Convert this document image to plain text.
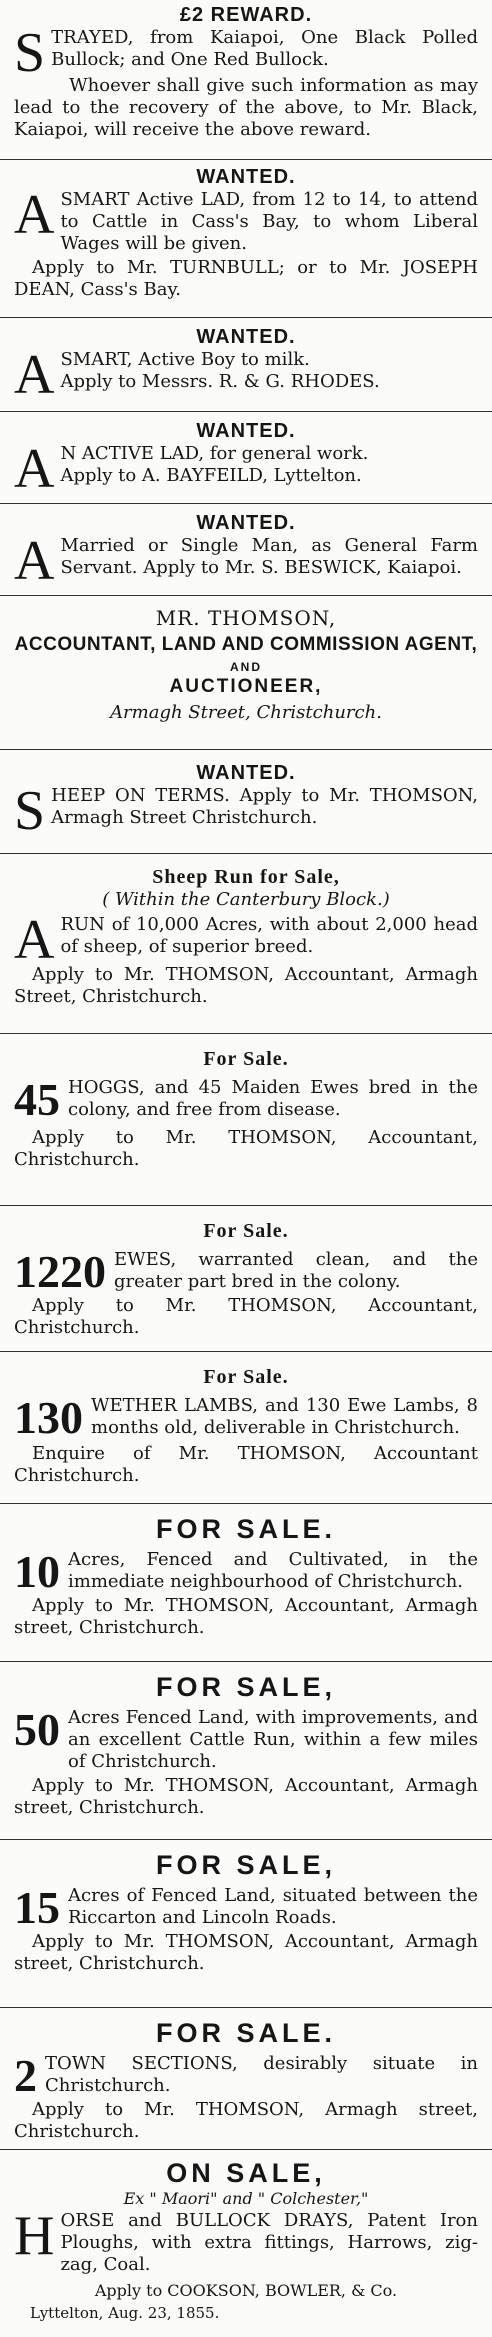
£2 REWARD.

S TRAYED, from Kaiapoi, One Black Polled Bullock; and One Red Bullock.

Whoever shall give such information as may lead to the recovery of the above, to Mr. Black, Kaiapoi, will receive the above reward.

WANTED.

A SMART Active LAD, from 12 to 14, to attend to Cattle in Cass's Bay, to whom Liberal Wages will be given.

Apply to Mr. TURNBULL; or to Mr. JOSEPH DEAN, Cass's Bay.

WANTED.

A SMART, Active Boy to milk.
Apply to Messrs. R. & G. RHODES.

WANTED.

A N ACTIVE LAD, for general work.
Apply to A. BAYFEILD, Lyttelton.

WANTED.

A Married or Single Man, as General Farm Servant. Apply to Mr. S. BESWICK, Kaiapoi.

MR. THOMSON,

ACCOUNTANT, LAND AND COMMISSION AGENT,

AND

AUCTIONEER,

Armagh Street, Christchurch.

WANTED.

S HEEP ON TERMS. Apply to Mr. THOMSON, Armagh Street Christchurch.

Sheep Run for Sale,

( Within the Canterbury Block.)

A RUN of 10,000 Acres, with about 2,000 head of sheep, of superior breed.

Apply to Mr. THOMSON, Accountant, Armagh Street, Christchurch.

For Sale.

45 HOGGS, and 45 Maiden Ewes bred in the colony, and free from disease.

Apply to Mr. THOMSON, Accountant, Christchurch.

For Sale.

1220 EWES, warranted clean, and the greater part bred in the colony.

Apply to Mr. THOMSON, Accountant, Christchurch.

For Sale.

130 WETHER LAMBS, and 130 Ewe Lambs, 8 months old, deliverable in Christchurch.

Enquire of Mr. THOMSON, Accountant Christchurch.

FOR SALE.

10 Acres, Fenced and Cultivated, in the immediate neighbourhood of Christchurch.

Apply to Mr. THOMSON, Accountant, Armagh street, Christchurch.

FOR SALE,

50 Acres Fenced Land, with improvements, and an excellent Cattle Run, within a few miles of Christchurch.

Apply to Mr. THOMSON, Accountant, Armagh street, Christchurch.

FOR SALE,

15 Acres of Fenced Land, situated between the Riccarton and Lincoln Roads.

Apply to Mr. THOMSON, Accountant, Armagh street, Christchurch.

FOR SALE.

2 TOWN SECTIONS, desirably situate in Christchurch.

Apply to Mr. THOMSON, Armagh street, Christchurch.

ON SALE,

Ex " Maori" and " Colchester,"

H ORSE and BULLOCK DRAYS, Patent Iron Ploughs, with extra fittings, Harrows, zig-zag, Coal.

Apply to COOKSON, BOWLER, & Co.

Lyttelton, Aug. 23, 1855.
